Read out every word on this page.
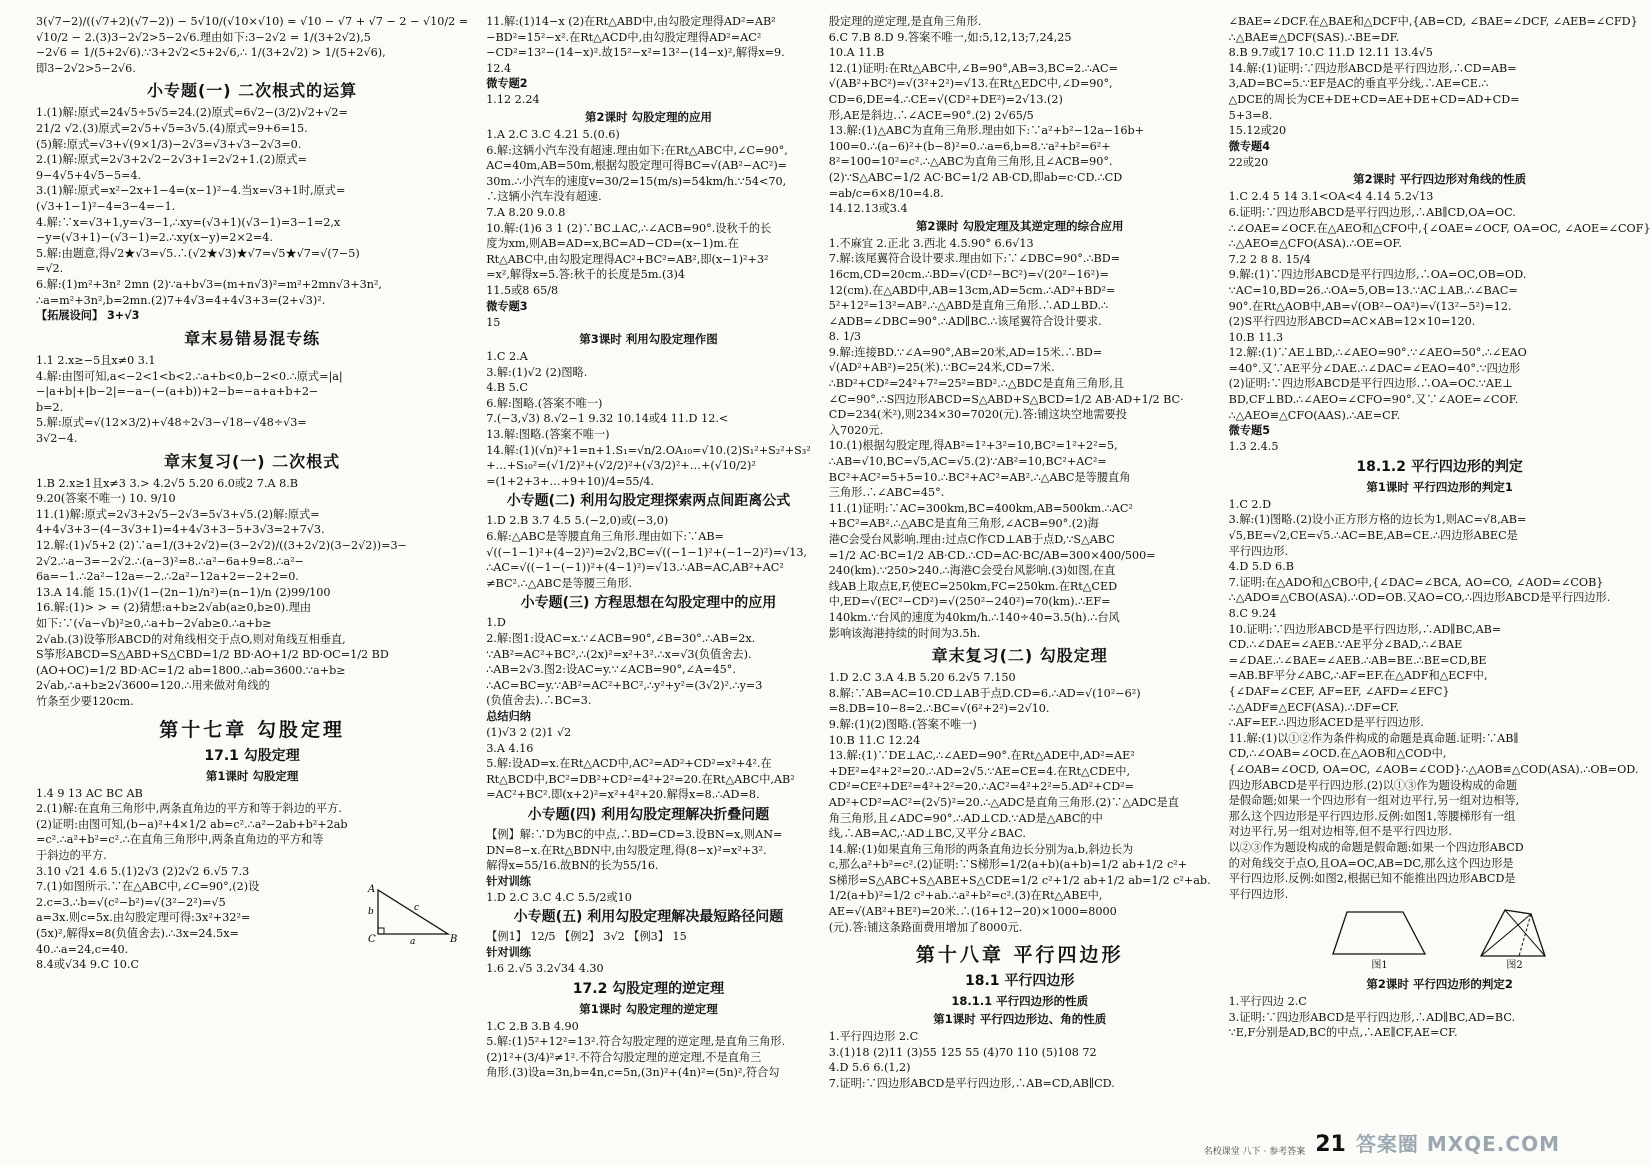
3(√7−2)/((√7+2)(√7−2)) − 5√10/(√10×√10) = √10 − √7 + √7 − 2 − √10/2 =
√10/2 − 2.(3)3−2√2>5−2√6.理由如下:3−2√2 = 1/(3+2√2),5
−2√6 = 1/(5+2√6).∵3+2√2<5+2√6,∴ 1/(3+2√2) > 1/(5+2√6),
即3−2√2>5−2√6.
小专题(一) 二次根式的运算
1.(1)解:原式=24√5÷5√5=24.(2)原式=6√2−(3/2)√2+√2=
21/2 √2.(3)原式=2√5+√5=3√5.(4)原式=9+6=15.
(5)解:原式=√3+√(9×1/3)−2√3=√3+√3−2√3=0.
2.(1)解:原式=2√3+2√2−2√3+1=2√2+1.(2)原式=
9−4√5+4√5−5=4.
3.(1)解:原式=x²−2x+1−4=(x−1)²−4.当x=√3+1时,原式=
(√3+1−1)²−4=3−4=−1.
4.解:∵x=√3+1,y=√3−1,∴xy=(√3+1)(√3−1)=3−1=2,x
−y=(√3+1)−(√3−1)=2.∴xy(x−y)=2×2=4.
5.解:由题意,得√2★√3=√5.∴(√2★√3)★√7=√5★√7=√(7−5)
=√2.
6.解:(1)m²+3n² 2mn (2)∵a+b√3=(m+n√3)²=m²+2mn√3+3n²,
∴a=m²+3n²,b=2mn.(2)7+4√3=4+4√3+3=(2+√3)².
【拓展设问】 3+√3
章末易错易混专练
1.1 2.x≥−5且x≠0 3.1
4.解:由图可知,a<−2<1<b<2.∴a+b<0,b−2<0.∴原式=|a|
−|a+b|+|b−2|=−a−(−(a+b))+2−b=−a+a+b+2−
b=2.
5.解:原式=√(12×3/2)+√48÷2√3−√18−√48÷√3=
3√2−4.
章末复习(一) 二次根式
1.B 2.x≥1且x≠3 3.> 4.2√5 5.20 6.0或2 7.A 8.B
9.20(答案不唯一) 10. 9/10
11.(1)解:原式=2√3+2√5−2√3=5√3+√5.(2)解:原式=
4+4√3+3−(4−3√3+1)=4+4√3+3−5+3√3=2+7√3.
12.解:(1)√5+2 (2)∵a=1/(3+2√2)=(3−2√2)/((3+2√2)(3−2√2))=3−
2√2.∴a−3=−2√2.∴(a−3)²=8.∴a²−6a+9=8.∴a²−
6a=−1.∴2a²−12a=−2.∴2a²−12a+2=−2+2=0.
13.A 14.能 15.(1)√(1−(2n−1)/n²)=(n−1)/n (2)99/100
16.解:(1)> > = (2)猜想:a+b≥2√ab(a≥0,b≥0).理由
如下:∵(√a−√b)²≥0,∴a+b−2√ab≥0.∴a+b≥
2√ab.(3)设筝形ABCD的对角线相交于点O,则对角线互相垂直,
S筝形ABCD=S△ABD+S△CBD=1/2 BD·AO+1/2 BD·OC=1/2 BD
(AO+OC)=1/2 BD·AC=1/2 ab=1800.∴ab=3600.∵a+b≥
2√ab,∴a+b≥2√3600=120.∴用来做对角线的
竹条至少要120cm.
第十七章 勾股定理
17.1 勾股定理
第1课时 勾股定理
1.4 9 13 AC BC AB
2.(1)解:在直角三角形中,两条直角边的平方和等于斜边的平方.
(2)证明:由图可知,(b−a)²+4×1/2 ab=c².∴a²−2ab+b²+2ab
=c².∴a²+b²=c².∴在直角三角形中,两条直角边的平方和等
于斜边的平方.
3.10 √21 4.6 5.(1)2√3 (2)2√2 6.√5 7.3
7.(1)如图所示.∵在△ABC中,∠C=90°,(2)设
2.c=3.∴b=√(c²−b²)=√(3²−2²)=√5
a=3x.则c=5x.由勾股定理可得:3x²+32²=
(5x)²,解得x=8(负值舍去).∴3x=24.5x=
40.∴a=24,c=40.
8.4或√34 9.C 10.C
A
B
C	a
b	c
11.解:(1)14−x (2)在Rt△ABD中,由勾股定理得AD²=AB²
−BD²=15²−x².在Rt△ACD中,由勾股定理得AD²=AC²
−CD²=13²−(14−x)².故15²−x²=13²−(14−x)²,解得x=9.
12.4
微专题2
1.12 2.24
第2课时 勾股定理的应用
1.A 2.C 3.C 4.21 5.(0.6)
6.解:这辆小汽车没有超速.理由如下:在Rt△ABC中,∠C=90°,
AC=40m,AB=50m,根据勾股定理可得BC=√(AB²−AC²)=
30m.∴小汽车的速度v=30/2=15(m/s)=54km/h.∵54<70,
∴这辆小汽车没有超速.
7.A 8.20 9.0.8
10.解:(1)6 3 1 (2)∵BC⊥AC,∴∠ACB=90°.设秋千的长
度为xm,则AB=AD=x,BC=AD−CD=(x−1)m.在
Rt△ABC中,由勾股定理得AC²+BC²=AB²,即(x−1)²+3²
=x²,解得x=5.答:秋千的长度是5m.(3)4
11.5或8 65/8
微专题3
15
第3课时 利用勾股定理作图
1.C 2.A
3.解:(1)√2 (2)图略.
4.B 5.C
6.解:图略.(答案不唯一)
7.(−3,√3) 8.√2−1 9.32 10.14或4 11.D 12.<
13.解:图略.(答案不唯一)
14.解:(1)(√n)²+1=n+1.S₁=√n/2.OA₁₀=√10.(2)S₁²+S₂²+S₃²
+…+S₁₀²=(√1/2)²+(√2/2)²+(√3/2)²+…+(√10/2)²
=(1+2+3+…+9+10)/4=55/4.
小专题(二) 利用勾股定理探索两点间距离公式
1.D 2.B 3.7 4.5 5.(−2,0)或(−3,0)
6.解:△ABC是等腰直角三角形.理由如下:∵AB=
√((−1−1)²+(4−2)²)=2√2,BC=√((−1−1)²+(−1−2)²)=√13,
∴AC=√((−1−(−1))²+(4−1)²)=√13.∴AB=AC,AB²+AC²
≠BC².∴△ABC是等腰三角形.
小专题(三) 方程思想在勾股定理中的应用
1.D
2.解:图1:设AC=x.∵∠ACB=90°,∠B=30°.∴AB=2x.
∵AB²=AC²+BC²,∴(2x)²=x²+3².∴x=√3(负值舍去).
∴AB=2√3.图2:设AC=y.∵∠ACB=90°,∠A=45°.
∴AC=BC=y.∵AB²=AC²+BC²,∴y²+y²=(3√2)².∴y=3
(负值舍去).∴BC=3.
总结归纳
(1)√3 2 (2)1 √2
3.A 4.16
5.解:设AD=x.在Rt△ACD中,AC²=AD²+CD²=x²+4².在
Rt△BCD中,BC²=DB²+CD²=4²+2²=20.在Rt△ABC中,AB²
=AC²+BC².即(x+2)²=x²+4²+20.解得x=8.∴AD=8.
小专题(四) 利用勾股定理解决折叠问题
【例】解:∵D为BC的中点,∴BD=CD=3.设BN=x,则AN=
DN=8−x.在Rt△BDN中,由勾股定理,得(8−x)²=x²+3².
解得x=55/16.故BN的长为55/16.
针对训练
1.D 2.C 3.C 4.C 5.5/2或10
小专题(五) 利用勾股定理解决最短路径问题
【例1】 12/5 【例2】 3√2 【例3】 15
针对训练
1.6 2.√5 3.2√34 4.30
17.2 勾股定理的逆定理
第1课时 勾股定理的逆定理
1.C 2.B 3.B 4.90
5.解:(1)5²+12²=13².符合勾股定理的逆定理,是直角三角形.
(2)1²+(3/4)²≠1².不符合勾股定理的逆定理,不是直角三
角形.(3)设a=3n,b=4n,c=5n,(3n)²+(4n)²=(5n)²,符合勾
股定理的逆定理,是直角三角形.
6.C 7.B 8.D 9.答案不唯一,如:5,12,13;7,24,25
10.A 11.B
12.(1)证明:在Rt△ABC中,∠B=90°,AB=3,BC=2.∴AC=
√(AB²+BC²)=√(3²+2²)=√13.在Rt△EDC中,∠D=90°,
CD=6,DE=4.∴CE=√(CD²+DE²)=2√13.(2)
形,AE是斜边.∴∠ACE=90°.(2) 2√65/5
13.解:(1)△ABC为直角三角形.理由如下:∵a²+b²−12a−16b+
100=0.∴(a−6)²+(b−8)²=0.∴a=6,b=8.∵a²+b²=6²+
8²=100=10²=c².∴△ABC为直角三角形,且∠ACB=90°.
(2)∵S△ABC=1/2 AC·BC=1/2 AB·CD,即ab=c·CD.∴CD
=ab/c=6×8/10=4.8.
14.12.13或3.4
第2课时 勾股定理及其逆定理的综合应用
1.不麻宜 2.正北 3.西北 4.5.90° 6.6√13
7.解:该尾翼符合设计要求.理由如下:∵∠DBC=90°.∴BD=
16cm,CD=20cm.∴BD=√(CD²−BC²)=√(20²−16²)=
12(cm).在△ABD中,AB=13cm,AD=5cm.∴AD²+BD²=
5²+12²=13²=AB².∴△ABD是直角三角形.∴AD⊥BD.∴
∠ADB=∠DBC=90°.∴AD∥BC.∴该尾翼符合设计要求.
8. 1/3
9.解:连接BD.∵∠A=90°,AB=20米,AD=15米.∴BD=
√(AD²+AB²)=25(米).∵BC=24米,CD=7米.
∴BD²+CD²=24²+7²=25²=BD².∴△BDC是直角三角形,且
∠C=90°.∴S四边形ABCD=S△ABD+S△BCD=1/2 AB·AD+1/2 BC·
CD=234(米²),则234×30=7020(元).答:铺这块空地需要投
入7020元.
10.(1)根据勾股定理,得AB²=1²+3²=10,BC²=1²+2²=5,
∴AB=√10,BC=√5,AC=√5.(2)∵AB²=10,BC²+AC²=
BC²+AC²=5+5=10.∴BC²+AC²=AB².∴△ABC是等腰直角
三角形.∴∠ABC=45°.
11.(1)证明:∵AC=300km,BC=400km,AB=500km.∴AC²
+BC²=AB².∴△ABC是直角三角形,∠ACB=90°.(2)海
港C会受台风影响.理由:过点C作CD⊥AB于点D,∵S△ABC
=1/2 AC·BC=1/2 AB·CD.∴CD=AC·BC/AB=300×400/500=
240(km).∵250>240.∴海港C会受台风影响.(3)如图,在直
线AB上取点E,F,使EC=250km,FC=250km.在Rt△CED
中,ED=√(EC²−CD²)=√(250²−240²)=70(km).∴EF=
140km.∵台风的速度为40km/h.∴140÷40=3.5(h).∴台风
影响该海港持续的时间为3.5h.
章末复习(二) 勾股定理
1.D 2.C 3.A 4.B 5.20 6.2√5 7.150
8.解:∵AB=AC=10.CD⊥AB于点D.CD=6.∴AD=√(10²−6²)
=8.DB=10−8=2.∴BC=√(6²+2²)=2√10.
9.解:(1)(2)图略.(答案不唯一)
10.B 11.C 12.24
13.解:(1)∵DE⊥AC,∴∠AED=90°.在Rt△ADE中,AD²=AE²
+DE²=4²+2²=20.∴AD=2√5.∵AE=CE=4.在Rt△CDE中,
CD²=CE²+DE²=4²+2²=20.∴AC²=4²+2²=5.AD²+CD²=
AD²+CD²=AC²=(2√5)²=20.∴△ADC是直角三角形.(2)∵△ADC是直
角三角形,且∠ADC=90°.∴AD⊥CD.∵AD是△ABC的中
线,∴AB=AC,∴AD⊥BC,又平分∠BAC.
14.解:(1)如果直角三角形的两条直角边长分别为a,b,斜边长为
c,那么a²+b²=c².(2)证明:∵S梯形=1/2(a+b)(a+b)=1/2 ab+1/2 c²+
S梯形=S△ABC+S△ABE+S△CDE=1/2 c²+1/2 ab+1/2 ab=1/2 c²+ab.
1/2(a+b)²=1/2 c²+ab.∴a²+b²=c².(3)在Rt△ABE中,
AE=√(AB²+BE²)=20米.∴(16+12−20)×1000=8000
(元).答:铺这条路面费用增加了8000元.
第十八章 平行四边形
18.1 平行四边形
18.1.1 平行四边形的性质
第1课时 平行四边形边、角的性质
1.平行四边形 2.C
3.(1)18 (2)11 (3)55 125 55 (4)70 110 (5)108 72
4.D 5.6 6.(1,2)
7.证明:∵四边形ABCD是平行四边形,∴AB=CD,AB∥CD.
∠BAE=∠DCF.在△BAE和△DCF中,{AB=CD, ∠BAE=∠DCF, ∠AEB=∠CFD}
∴△BAE≌△DCF(SAS).∴BE=DF.
8.B 9.7或17 10.C 11.D 12.11 13.4√5
14.解:(1)证明:∵四边形ABCD是平行四边形,∴CD=AB=
3,AD=BC=5.∵EF是AC的垂直平分线,∴AE=CE.∴
△DCE的周长为CE+DE+CD=AE+DE+CD=AD+CD=
5+3=8.
15.12或20
微专题4
22或20
第2课时 平行四边形对角线的性质
1.C 2.4 5 14 3.1<OA<4 4.14 5.2√13
6.证明:∵四边形ABCD是平行四边形,∴AB∥CD,OA=OC.
∴∠OAE=∠OCF.在△AEO和△CFO中,{∠OAE=∠OCF, OA=OC, ∠AOE=∠COF}
∴△AEO≌△CFO(ASA).∴OE=OF.
7.2 2 8 8. 15/4
9.解:(1)∵四边形ABCD是平行四边形,∴OA=OC,OB=OD.
∵AC=10,BD=26.∴OA=5,OB=13.∵AC⊥AB.∴∠BAC=
90°.在Rt△AOB中,AB=√(OB²−OA²)=√(13²−5²)=12.
(2)S平行四边形ABCD=AC×AB=12×10=120.
10.B 11.3
12.解:(1)∵AE⊥BD,∴∠AEO=90°.∵∠AEO=50°.∴∠EAO
=40°.又∵AE平分∠DAE.∴∠DAC=∠EAO=40°.∵四边形
(2)证明:∵四边形ABCD是平行四边形.∴OA=OC.∵AE⊥
BD,CF⊥BD.∴∠AEO=∠CFO=90°.又∵∠AOE=∠COF.
∴△AEO≌△CFO(AAS).∴AE=CF.
微专题5
1.3 2.4.5
18.1.2 平行四边形的判定
第1课时 平行四边形的判定1
1.C 2.D
3.解:(1)图略.(2)设小正方形方格的边长为1,则AC=√8,AB=
√5,BE=√2,CE=√5.∴AC=BE,AB=CE.∴四边形ABEC是
平行四边形.
4.D 5.D 6.B
7.证明:在△ADO和△CBO中,{∠DAC=∠BCA, AO=CO, ∠AOD=∠COB}
∴△ADO≌△CBO(ASA).∴OD=OB.又AO=CO,∴四边形ABCD是平行四边形.
8.C 9.24
10.证明:∵四边形ABCD是平行四边形,∴AD∥BC,AB=
CD.∴∠DAE=∠AEB.∵AE平分∠BAD,∴∠BAE
=∠DAE.∴∠BAE=∠AEB.∴AB=BE.∴BE=CD,BE
=AB.BF平分∠ABC,∴AF=EF.在△ADF和△ECF中,
{∠DAF=∠CEF, AF=EF, ∠AFD=∠EFC}
∴△ADF≌△ECF(ASA).∴DF=CF.
∴AF=EF.∴四边形ACED是平行四边形.
11.解:(1)以①②作为条件构成的命题是真命题.证明:∵AB∥
CD,∴∠OAB=∠OCD.在△AOB和△COD中,
{∠OAB=∠OCD, OA=OC, ∠AOB=∠COD}∴△AOB≌△COD(ASA).∴OB=OD.
四边形ABCD是平行四边形.(2)以①③作为题设构成的命题
是假命题;如果一个四边形有一组对边平行,另一组对边相等,
那么这个四边形是平行四边形.反例:如图1,等腰梯形有一组
对边平行,另一组对边相等,但不是平行四边形.
以②③作为题设构成的命题是假命题:如果一个四边形ABCD
的对角线交于点O,且OA=OC,AB=DC,那么这个四边形是
平行四边形.反例:如图2,根据已知不能推出四边形ABCD是
平行四边形.
图1	图2
第2课时 平行四边形的判定2
1.平行四边 2.C
3.证明:∵四边形ABCD是平行四边形,∴AD∥BC,AD=BC.
∵E,F分别是AD,BC的中点,∴AE∥CF,AE=CF.
名校课堂 八下 · 参考答案 21 答案圈 MXQE.COM
